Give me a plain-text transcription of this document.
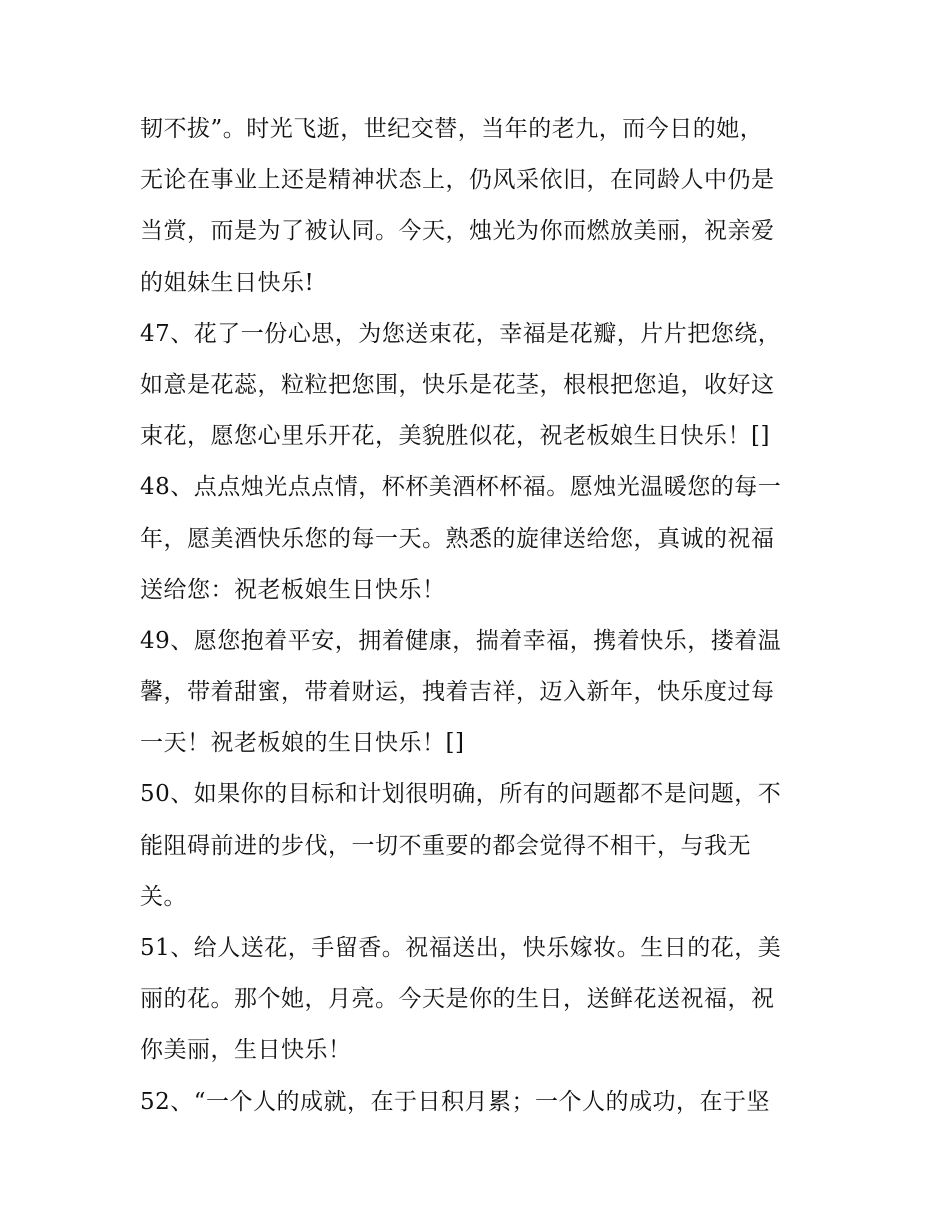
韧不拔”。时光飞逝，世纪交替，当年的老九，而今日的她，
无论在事业上还是精神状态上，仍风采依旧，在同龄人中仍是
当赏，而是为了被认同。今天，烛光为你而燃放美丽，祝亲爱
的姐妹生日快乐!
47、花了一份心思，为您送束花，幸福是花瓣，片片把您绕，
如意是花蕊，粒粒把您围，快乐是花茎，根根把您追，收好这
束花，愿您心里乐开花，美貌胜似花，祝老板娘生日快乐！[]
48、点点烛光点点情，杯杯美酒杯杯福。愿烛光温暖您的每一
年，愿美酒快乐您的每一天。熟悉的旋律送给您，真诚的祝福
送给您：祝老板娘生日快乐！
49、愿您抱着平安，拥着健康，揣着幸福，携着快乐，搂着温
馨，带着甜蜜，带着财运，拽着吉祥，迈入新年，快乐度过每
一天！祝老板娘的生日快乐！[]
50、如果你的目标和计划很明确，所有的问题都不是问题，不
能阻碍前进的步伐，一切不重要的都会觉得不相干，与我无
关。
51、给人送花，手留香。祝福送出，快乐嫁妆。生日的花，美
丽的花。那个她，月亮。今天是你的生日，送鲜花送祝福，祝
你美丽，生日快乐！
52、“一个人的成就，在于日积月累；一个人的成功，在于坚
